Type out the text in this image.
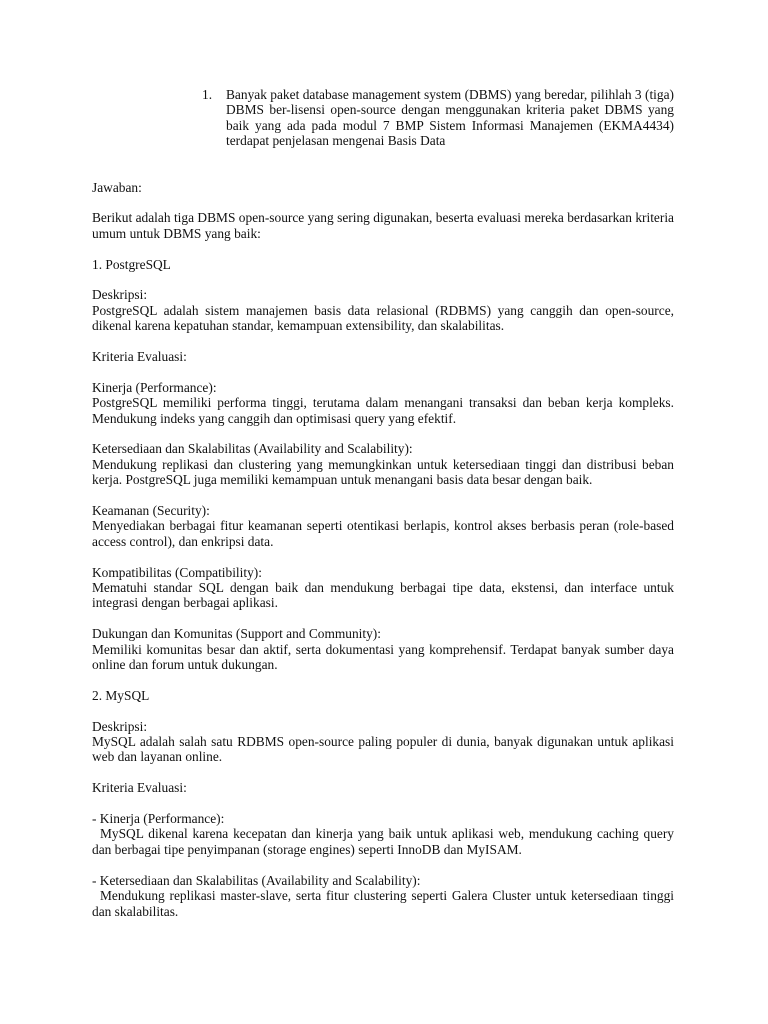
1.	Banyak paket database management system (DBMS) yang beredar, pilihlah 3 (tiga) DBMS ber-lisensi open-source dengan menggunakan kriteria paket DBMS yang baik yang ada pada modul 7 BMP Sistem Informasi Manajemen (EKMA4434) terdapat penjelasan mengenai Basis Data
Jawaban:
Berikut adalah tiga DBMS open-source yang sering digunakan, beserta evaluasi mereka berdasarkan kriteria umum untuk DBMS yang baik:
1. PostgreSQL
Deskripsi:
PostgreSQL adalah sistem manajemen basis data relasional (RDBMS) yang canggih dan open-source, dikenal karena kepatuhan standar, kemampuan extensibility, dan skalabilitas.
Kriteria Evaluasi:
Kinerja (Performance):
PostgreSQL memiliki performa tinggi, terutama dalam menangani transaksi dan beban kerja kompleks. Mendukung indeks yang canggih dan optimisasi query yang efektif.
Ketersediaan dan Skalabilitas (Availability and Scalability):
Mendukung replikasi dan clustering yang memungkinkan untuk ketersediaan tinggi dan distribusi beban kerja. PostgreSQL juga memiliki kemampuan untuk menangani basis data besar dengan baik.
Keamanan (Security):
Menyediakan berbagai fitur keamanan seperti otentikasi berlapis, kontrol akses berbasis peran (role-based access control), dan enkripsi data.
Kompatibilitas (Compatibility):
Mematuhi standar SQL dengan baik dan mendukung berbagai tipe data, ekstensi, dan interface untuk integrasi dengan berbagai aplikasi.
Dukungan dan Komunitas (Support and Community):
Memiliki komunitas besar dan aktif, serta dokumentasi yang komprehensif. Terdapat banyak sumber daya online dan forum untuk dukungan.
2. MySQL
Deskripsi:
MySQL adalah salah satu RDBMS open-source paling populer di dunia, banyak digunakan untuk aplikasi web dan layanan online.
Kriteria Evaluasi:
- Kinerja (Performance):
MySQL dikenal karena kecepatan dan kinerja yang baik untuk aplikasi web, mendukung caching query dan berbagai tipe penyimpanan (storage engines) seperti InnoDB dan MyISAM.
- Ketersediaan dan Skalabilitas (Availability and Scalability):
Mendukung replikasi master-slave, serta fitur clustering seperti Galera Cluster untuk ketersediaan tinggi dan skalabilitas.
